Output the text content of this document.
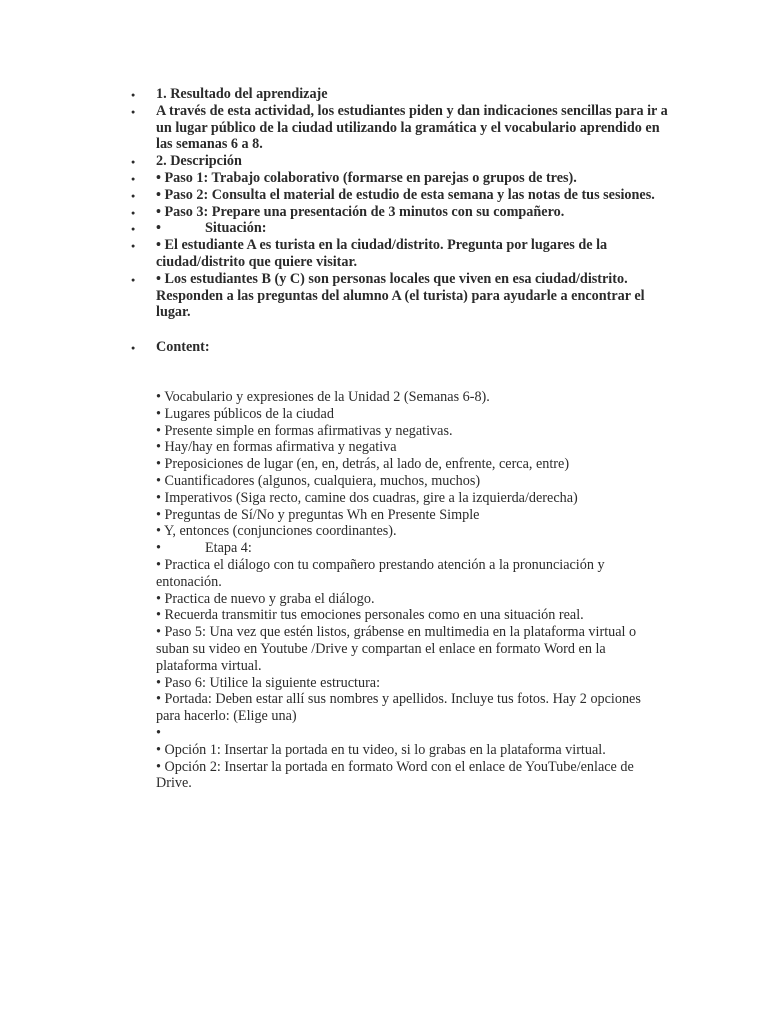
● 1. Resultado del aprendizaje
● A través de esta actividad, los estudiantes piden y dan indicaciones sencillas para ir a un lugar público de la ciudad utilizando la gramática y el vocabulario aprendido en las semanas 6 a 8.
● 2. Descripción
● • Paso 1: Trabajo colaborativo (formarse en parejas o grupos de tres).
● • Paso 2: Consulta el material de estudio de esta semana y las notas de tus sesiones.
● • Paso 3: Prepare una presentación de 3 minutos con su compañero.
● •	Situación:
● • El estudiante A es turista en la ciudad/distrito. Pregunta por lugares de la ciudad/distrito que quiere visitar.
● • Los estudiantes B (y C) son personas locales que viven en esa ciudad/distrito. Responden a las preguntas del alumno A (el turista) para ayudarle a encontrar el lugar.
● Content:
• Vocabulario y expresiones de la Unidad 2 (Semanas 6-8).
• Lugares públicos de la ciudad
• Presente simple en formas afirmativas y negativas.
• Hay/hay en formas afirmativa y negativa
• Preposiciones de lugar (en, en, detrás, al lado de, enfrente, cerca, entre)
• Cuantificadores (algunos, cualquiera, muchos, muchos)
• Imperativos (Siga recto, camine dos cuadras, gire a la izquierda/derecha)
• Preguntas de Sí/No y preguntas Wh en Presente Simple
• Y, entonces (conjunciones coordinantes).
•	Etapa 4:
• Practica el diálogo con tu compañero prestando atención a la pronunciación y entonación.
• Practica de nuevo y graba el diálogo.
• Recuerda transmitir tus emociones personales como en una situación real.
• Paso 5: Una vez que estén listos, grábense en multimedia en la plataforma virtual o suban su video en Youtube /Drive y compartan el enlace en formato Word en la plataforma virtual.
• Paso 6: Utilice la siguiente estructura:
• Portada: Deben estar allí sus nombres y apellidos. Incluye tus fotos. Hay 2 opciones para hacerlo: (Elige una)
•
• Opción 1: Insertar la portada en tu video, si lo grabas en la plataforma virtual.
• Opción 2: Insertar la portada en formato Word con el enlace de YouTube/enlace de Drive.
